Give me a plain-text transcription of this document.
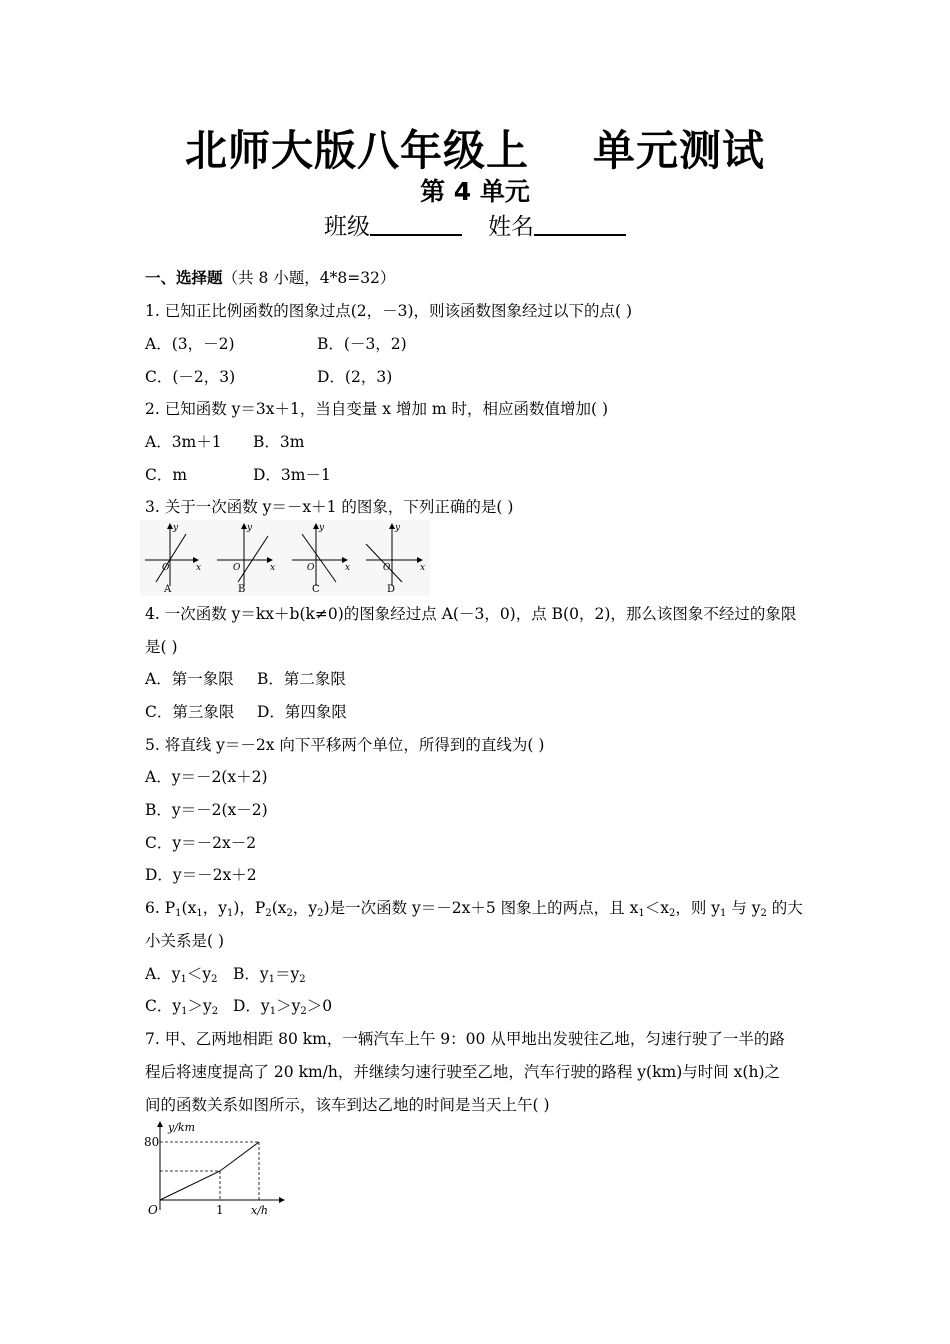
北师大版八年级上 单元测试
第 4 单元
班级	姓名
一、选择题（共 8 小题，4*8=32）
1. 已知正比例函数的图象过点(2，－3)，则该函数图象经过以下的点( )
A．(3，－2)	B．(－3，2)
C．(－2，3)	D．(2，3)
2. 已知函数 y＝3x＋1，当自变量 x 增加 m 时，相应函数值增加( )
A．3m＋1 B．3m
C．m	D．3m－1
3. 关于一次函数 y＝－x＋1 的图象，下列正确的是( )
y
x
O
A
y
x
O
B
y
x
O
C
y
x
O
D
4. 一次函数 y＝kx＋b(k≠0)的图象经过点 A(－3，0)，点 B(0，2)，那么该图象不经过的象限
是( )
A．第一象限 B．第二象限
C．第三象限 D．第四象限
5. 将直线 y＝－2x 向下平移两个单位，所得到的直线为( )
A．y＝－2(x＋2)
B．y＝－2(x－2)
C．y＝－2x－2
D．y＝－2x＋2
6. $P_1(x_1$，$y_1$)，$P_2(x_2$，$y_2$)是一次函数 y＝－2x＋5 图象上的两点，且 $x_1<x_2$，则 $y_1$ 与 $y_2$ 的大
小关系是( )
A．$y_1<y_2$ B．$y_1=y_2$
C．$y_1>y_2$ D．$y_1>y_2>0$
7. 甲、乙两地相距 80 km，一辆汽车上午 9：00 从甲地出发驶往乙地，匀速行驶了一半的路
程后将速度提高了 20 km/h，并继续匀速行驶至乙地，汽车行驶的路程 y(km)与时间 x(h)之
间的函数关系如图所示，该车到达乙地的时间是当天上午( )
y/km
x/h
80
1
O
